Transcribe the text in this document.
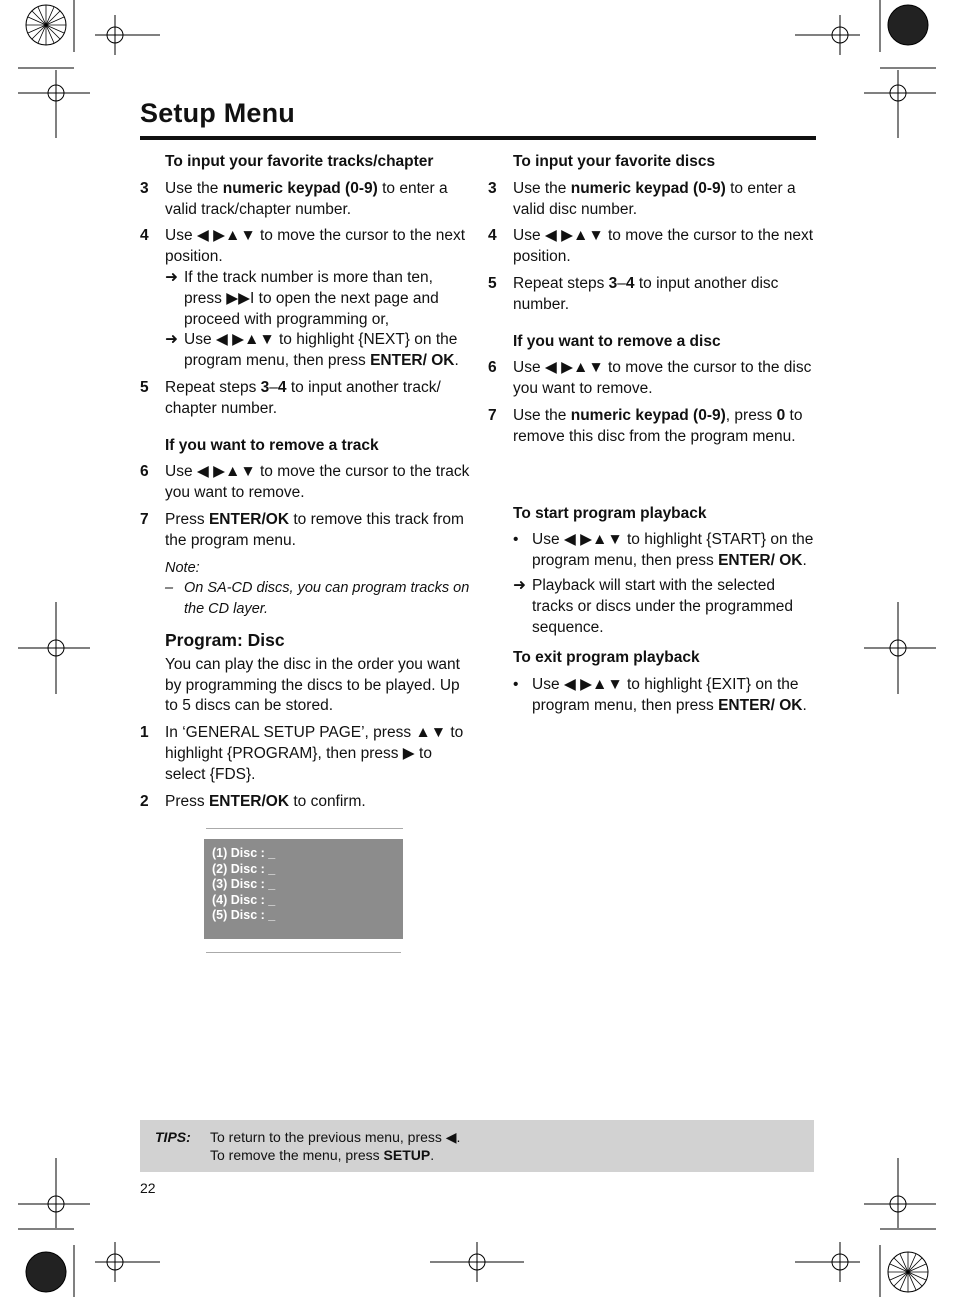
Setup Menu
To input your favorite tracks/chapter
3 Use the numeric keypad (0-9) to enter a valid track/chapter number.
4 Use ◀ ▶▲▼ to move the cursor to the next position.
➜ If the track number is more than ten, press ▶▶I to open the next page and proceed with programming or,
➜ Use ◀ ▶▲▼ to highlight {NEXT} on the program menu, then press ENTER/ OK.
5 Repeat steps 3–4 to input another track/ chapter number.
If you want to remove a track
6 Use ◀ ▶▲▼ to move the cursor to the track you want to remove.
7 Press ENTER/OK to remove this track from the program menu.
Note:
– On SA-CD discs, you can program tracks on the CD layer.
Program: Disc
You can play the disc in the order you want by programming the discs to be played. Up to 5 discs can be stored.
1 In ‘GENERAL SETUP PAGE’, press ▲▼ to highlight {PROGRAM}, then press ▶ to select {FDS}.
2 Press ENTER/OK to confirm.
(1) Disc : _
(2) Disc : _
(3) Disc : _
(4) Disc : _
(5) Disc : _
To input your favorite discs
3 Use the numeric keypad (0-9) to enter a valid disc number.
4 Use ◀ ▶▲▼ to move the cursor to the next position.
5 Repeat steps 3–4 to input another disc number.
If you want to remove a disc
6 Use ◀ ▶▲▼ to move the cursor to the disc you want to remove.
7 Use the numeric keypad (0-9), press 0 to remove this disc from the program menu.
To start program playback
• Use ◀ ▶▲▼ to highlight {START} on the program menu, then press ENTER/ OK.
➜ Playback will start with the selected tracks or discs under the programmed sequence.
To exit program playback
• Use ◀ ▶▲▼ to highlight {EXIT} on the program menu, then press ENTER/ OK.
TIPS: To return to the previous menu, press ◀.
To remove the menu, press SETUP.
22
